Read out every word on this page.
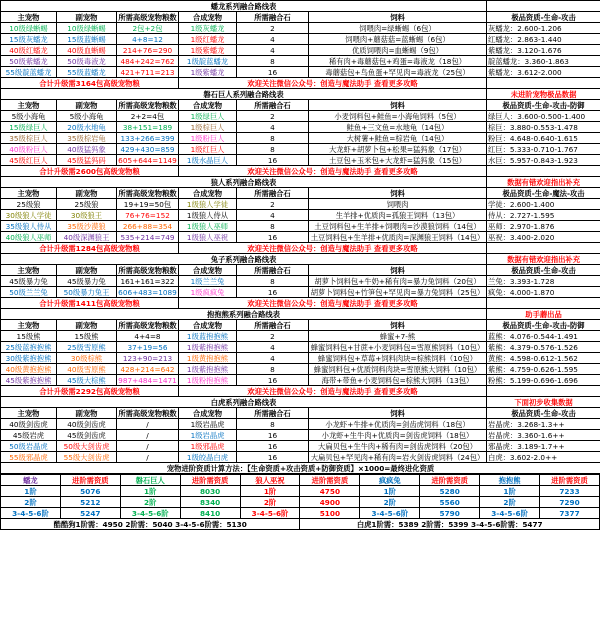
蟠龙系列融合路线表						
主宠物	副宠物	所需高级宠物粮数	合成宠物	所需融合石	饲料	极品资质-生命-攻击
10级绿蜥蜴	10级绿蜥蜴	2包+2包	1级灰蟠龙	2	饲喂肉=绿蜥蜴（6包）	灰蟠龙：2.600-1.206
15级灰蟠龙	15级蓝蜥蜴	4+8=12	1级红蟠龙	4	饲喂肉+蘑菇菇=蓝蜥蜴（6包）	红蟠龙：2.863-1.440
40级红蟠龙	40级血蜥蜴	214+76=290	1级紫蟠龙	4	优质饲喂肉=血蜥蜴（9包）	紫蟠龙：3.120-1.676
50级紫蟠龙	50级毒液龙	484+242=762	1级靛蓝蟠龙	8	稀有肉+毒蘑菇包+鸡蛋=毒液龙（18包）	靛蓝蟠龙：3.360-1.863
55级靛蓝蟠龙	55级蓝蟠龙	421+711=213	1级紫蟠龙	16	毒蘑菇包+鸟鱼蛋+罕见肉=毒液龙（25包）	紫蟠龙：3.612-2.000
合计升级需3164包高级宠物粮			欢迎关注微信公众号：创造与魔法助手 查看更多攻略			
磐石巨人系列融合路线表						未进阶宠物极品数据
主宠物	副宠物	所需高级宠物粮数	合成宠物	所需融合石	饲料	极品资质-生命-攻击-防御
5级小海龟	5级小海龟	2+2=4包	1级绿巨人	2	小麦饲料包+鲑鱼=小海龟饲料（5包）	绿巨人：3.600-0.500-1.400
15级绿巨人	20级水地龟	38+151=189	1级棕巨人	4	鲑鱼+三文鱼=水地龟（14包）	棕巨：3.880-0.553-1.478
35级棕巨人	35级棕岩龟	133+266=399	1级粉巨人	8	大树薯+鲑鱼=棕岩龟（14包）	粉巨：4.648-0.640-1.615
40级粉巨人	40级猛犸象	429+430=859	1级红巨人	8	大龙虾+胡萝卜包+松果=猛犸象（17包）	红巨：5.333-0.710-1.767
45级红巨人	45级猛犸码	605+644=1149	1级水晶巨人	16	土豆包+玉米包+大龙虾=猛犸象（15包）	水巨：5.957-0.843-1.923
合计升级需2600包高级宠物粮			欢迎关注微信公众号：创造与魔法助手 查看更多攻略			
狼人系列融合路线表						数据有错欢迎指出补充
主宠物	副宠物	所需高级宠物粮数	合成宠物	所需融合石	饲料	极品资质-生命-魔法-攻击
25级狼	25级狼	19+19=50包	1级狼人学徒	2	饲喂肉	学徒：2.600-1.400
30级狼人学徒	30级狼王	76+76=152	1级狼人侍从	4	生羊排+优质肉=孤狼王饲料（13包）	侍从：2.727-1.595
35级狼人侍从	35级沙漠狼	266+88=354	1级狼人巫师	8	土豆饲料包+生羊排+饲喂肉=沙漠狼饲料（14包）	巫师：2.970-1.876
40级狼人巫师	40级深渊狼王	535+214=749	1级狼人巫祝	16	土豆饲料包+生羊排+优质肉=深渊狼王饲料（14包）	巫祝：3.400-2.020
合计升级需1284包高级宠物粮			欢迎关注微信公众号：创造与魔法助手 查看更多攻略			
兔子系列融合路线表						数据有错欢迎指出补充
主宠物	副宠物	所需高级宠物粮数	合成宠物	所需融合石	饲料	极品资质-生命-攻击
45级暴力兔	45级暴力兔	161+161=322	1级兰兰兔	8	胡萝卜饲料包+牛奶+稀有肉=暴力兔饲料（20包）	兰兔：3.393-1.728
50级兰兰兔	50级暴力兔王	606+483=1089	1级疯疯兔	16	胡萝卜饲料包+竹笋包+罕见肉=暴力兔饲料（25包）	疯兔：4.000-1.870
合计升级需1411包高级宠物粮			欢迎关注微信公众号：创造与魔法助手 查看更多攻略			
抱抱熊系列融合路线表						助手蘑出品
主宠物	副宠物	所需高级宠物粮数	合成宠物	所需融合石	饲料	极品资质-生命-攻击-防御
15级熊	15级熊	4+4=8	1级蓝抱抱熊	2	蜂蜜+7-熊	蓝熊：4.076-0.544-1.491
25级蓝抱抱熊	25级雪原熊	37+19=56	1级紫抱抱熊	4	蜂蜜饲料包+甘蔗+小麦饲料包=雪原熊饲料（10包）	紫熊：4.379-0.576-1.526
30级紫抱抱熊	30级棕熊	123+90=213	1级黄抱抱熊	4	蜂蜜饲料包+草莓+饲料肉块=棕熊饲料（10包）	黄熊：4.598-0.612-1.562
40级黄抱抱熊	40级雪原熊	428+214=642	1级紫抱抱熊	8	蜂蜜饲料包+优质饲料肉块=雪原熊大饲料（10包）	紫熊：4.759-0.626-1.595
45级紫抱抱熊	45级大棕熊	987+484=1471	1级粉抱抱熊	16	海带+带鱼+小麦饲料包=棕熊大饲料（13包）	粉熊：5.199-0.696-1.696
合计升级需2292包高级宠物粮			欢迎关注微信公众号：创造与魔法助手 查看更多攻略			
白虎系列融合路线表						下面初步收集数据
主宠物	副宠物	所需高级宠物粮数	合成宠物	所需融合石	饲料	极品资质-生命-攻击
40级剑齿虎	40级剑齿虎	/	1级岩晶虎	8	小龙虾+牛排+优质肉=剑齿虎饲料（18包）	岩晶虎：3.268-1.3++
45级岩虎	45级剑齿虎	/	1级岩晶虎	16	小龙虾+生牛肉+优质肉=剑齿虎饲料（18包）	岩晶虎：3.360-1.6++
50级岩晶虎	50级大剑齿虎	/	1级邪晶虎	16	大扁贝包+生牛肉+稀有肉=剑齿虎饲料（20包）	邪晶虎：3.189-1.7++
55级邪晶虎	55级大剑齿虎	/	1级皎晶白虎	16	大扁贝包+罕见肉+稀有肉=岩火剑齿虎饲料（24包）	白虎：3.602-2.0++
宠物进阶资质计算方法：【生命资质+攻击资质+防御资质】×1000=最终进化资质						
蟠龙	进阶需资质	磐石巨人	进阶需资质	狼人巫祝	进阶需资质	疯疯兔	进阶需资质	抱抱熊	进阶需资质
1阶	5076	1阶	8030	1阶	4750	1阶	5280	1阶	7233
2阶	5212	2阶	8340	2阶	4900	2阶	5560	2阶	7290
3-4-5-6阶	5247	3-4-5-6阶	8410	3-4-5-6阶	5100	3-4-5-6阶	5790	3-4-5-6阶	7377
酷酷狗1阶需：4950 2阶需：5040 3-4-5-6阶需：5130					白虎1阶需：5389 2阶需：5399 3-4-5-6阶需：5477				
